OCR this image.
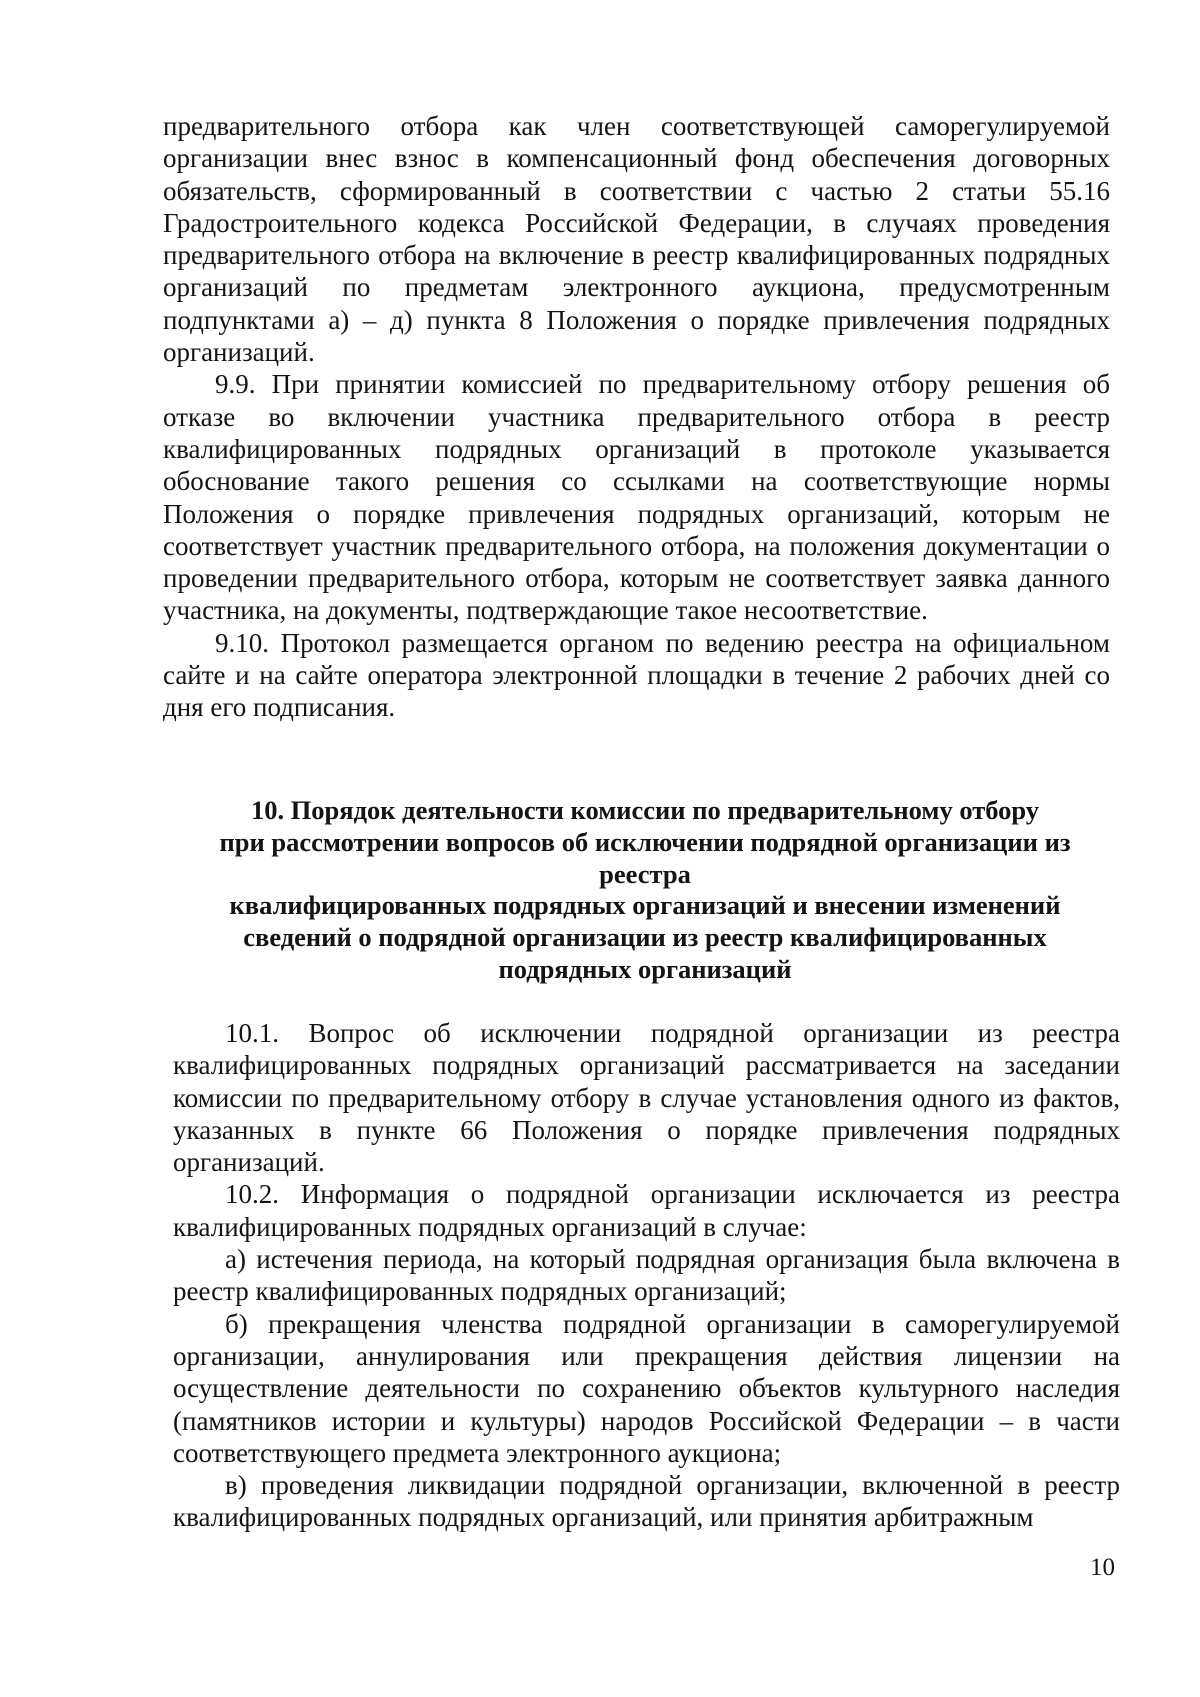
предварительного отбора как член соответствующей саморегулируемой организации внес взнос в компенсационный фонд обеспечения договорных обязательств, сформированный в соответствии с частью 2 статьи 55.16 Градостроительного кодекса Российской Федерации, в случаях проведения предварительного отбора на включение в реестр квалифицированных подрядных организаций по предметам электронного аукциона, предусмотренным подпунктами а) – д) пункта 8 Положения о порядке привлечения подрядных организаций.

9.9. При принятии комиссией по предварительному отбору решения об отказе во включении участника предварительного отбора в реестр квалифицированных подрядных организаций в протоколе указывается обоснование такого решения со ссылками на соответствующие нормы Положения о порядке привлечения подрядных организаций, которым не соответствует участник предварительного отбора, на положения документации о проведении предварительного отбора, которым не соответствует заявка данного участника, на документы, подтверждающие такое несоответствие.

9.10. Протокол размещается органом по ведению реестра на официальном сайте и на сайте оператора электронной площадки в течение 2 рабочих дней со дня его подписания.

10. Порядок деятельности комиссии по предварительному отбору
при рассмотрении вопросов об исключении подрядной организации из
реестра
квалифицированных подрядных организаций и внесении изменений
сведений о подрядной организации из реестр квалифицированных
подрядных организаций

10.1. Вопрос об исключении подрядной организации из реестра квалифицированных подрядных организаций рассматривается на заседании комиссии по предварительному отбору в случае установления одного из фактов, указанных в пункте 66 Положения о порядке привлечения подрядных организаций.

10.2. Информация о подрядной организации исключается из реестра квалифицированных подрядных организаций в случае:

а) истечения периода, на который подрядная организация была включена в реестр квалифицированных подрядных организаций;

б) прекращения членства подрядной организации в саморегулируемой организации, аннулирования или прекращения действия лицензии на осуществление деятельности по сохранению объектов культурного наследия (памятников истории и культуры) народов Российской Федерации – в части соответствующего предмета электронного аукциона;

в) проведения ликвидации подрядной организации, включенной в реестр квалифицированных подрядных организаций, или принятия арбитражным

10
